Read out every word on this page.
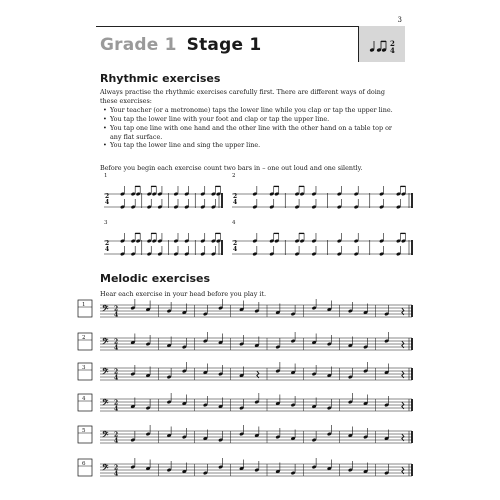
3
Grade 1 Stage 1	2
4
Rhythmic exercises

Always practise the rhythmic exercises carefully first. There are different ways of doing these exercises:

• Your teacher (or a metronome) taps the lower line while you clap or tap the upper line.
• You tap the lower line with your foot and clap or tap the upper line.
• You tap one line with one hand and the other line with the other hand on a table top or any flat surface.
• You tap the lower line and sing the upper line.
Before you begin each exercise count two bars in – one out loud and one silently.
Melodic exercises
Hear each exercise in your head before you play it.
1
2
4
2
2
4
3
2
4
4
2
4
1 𝄢 2
4
2 𝄢 2
4
3 𝄢 2
4
4 𝄢 2
4
5 𝄢 2
4
6 𝄢 2
4
